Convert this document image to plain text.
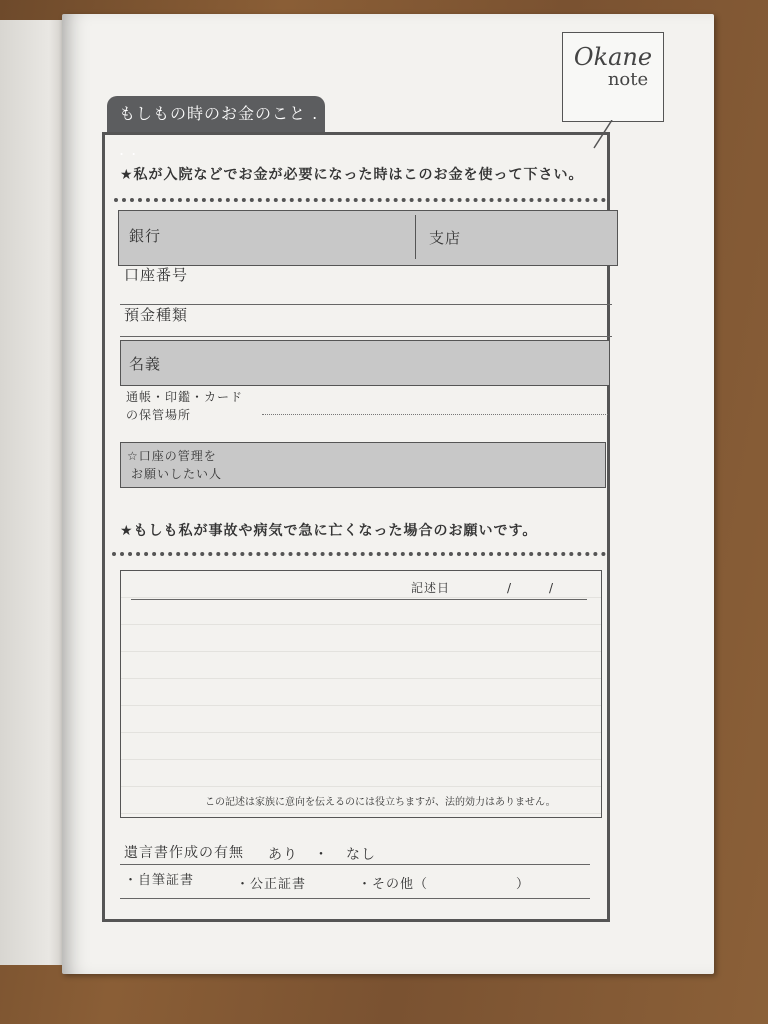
もしもの時のお金のこと . . .
Okane
note
★私が入院などでお金が必要になった時はこのお金を使って下さい。
銀行	支店
口座番号
預金種類
名義
通帳・印鑑・カード
の保管場所
☆口座の管理を
お願いしたい人
★もしも私が事故や病気で急に亡くなった場合のお願いです。
記述日	/	/
この記述は家族に意向を伝えるのには役立ちますが、法的効力はありません。
遺言書作成の有無 あり ・ なし
・自筆証書	・公正証書	・その他（	）
